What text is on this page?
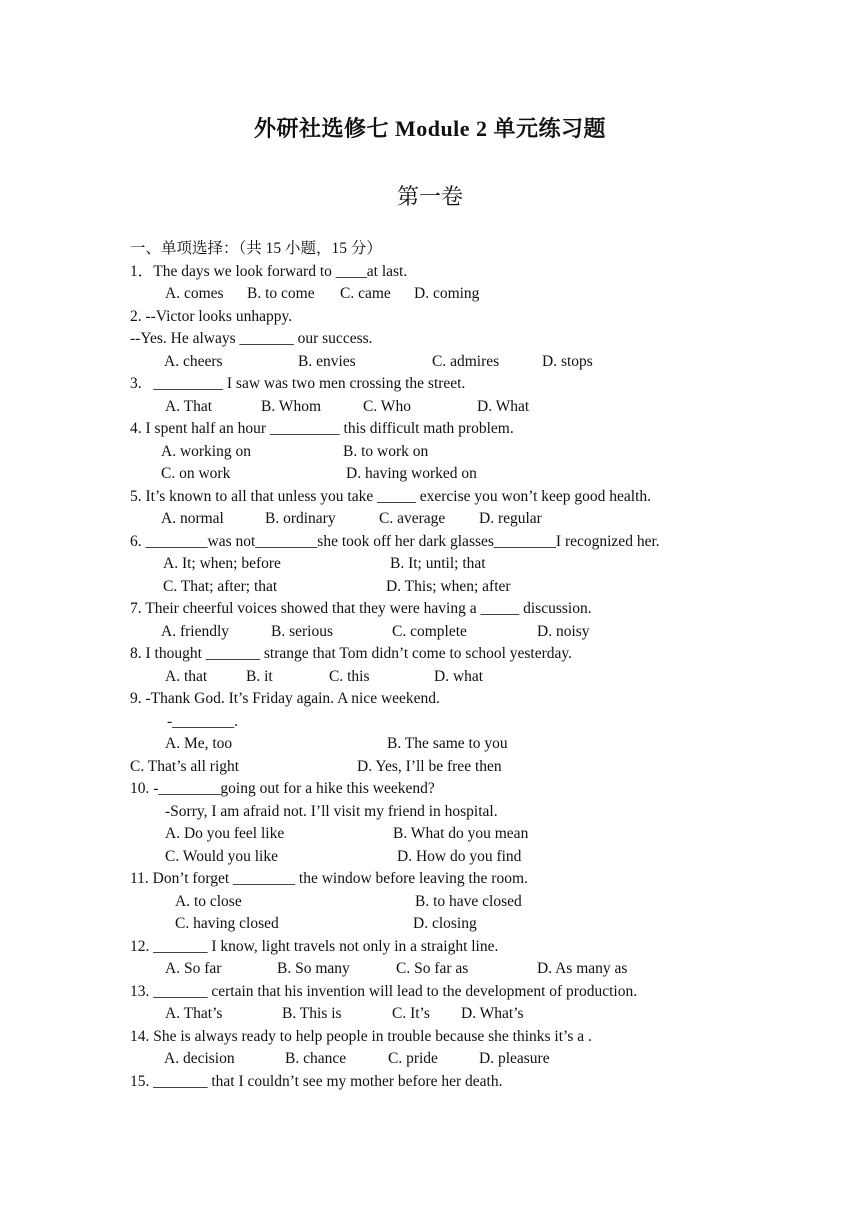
外研社选修七 Module 2 单元练习题
第一卷
一、单项选择：（共 15 小题，15 分）
1．The days we look forward to ____at last.
A. comes B. to come C. came D. coming
2. --Victor looks unhappy.
--Yes. He always _______ our success.
A. cheers	B. envies	C. admires	D. stops
3.   _________ I saw was two men crossing the street.
A. That	B. Whom	C. Who	D. What
4. I spent half an hour _________ this difficult math problem.
A. working on	B. to work on
C. on work	D. having worked on
5. It’s known to all that unless you take _____ exercise you won’t keep good health.
A. normal	B. ordinary	C. average D. regular
6. ________was not________she took off her dark glasses________I recognized her.
A. It; when; before	B. It; until; that
C. That; after; that	D. This; when; after
7. Their cheerful voices showed that they were having a _____ discussion.
A. friendly	B. serious	C. complete	D. noisy
8. I thought _______ strange that Tom didn’t come to school yesterday.
A. that	B. it	C. this	D. what
9. -Thank God. It’s Friday again. A nice weekend.
-________.
A. Me, too	B. The same to you
C. That’s all right	D. Yes, I’ll be free then
10. -________going out for a hike this weekend?
-Sorry, I am afraid not. I’ll visit my friend in hospital.
A. Do you feel like	B. What do you mean
C. Would you like	D. How do you find
11. Don’t forget ________ the window before leaving the room.
A. to close	B. to have closed
C. having closed	D. closing
12. _______ I know, light travels not only in a straight line.
A. So far	B. So many	C. So far as	D. As many as
13. _______ certain that his invention will lead to the development of production.
A. That’s	B. This is	C. It’s D. What’s
14. She is always ready to help people in trouble because she thinks it’s a .
A. decision	B. chance	C. pride	D. pleasure
15. _______ that I couldn’t see my mother before her death.
